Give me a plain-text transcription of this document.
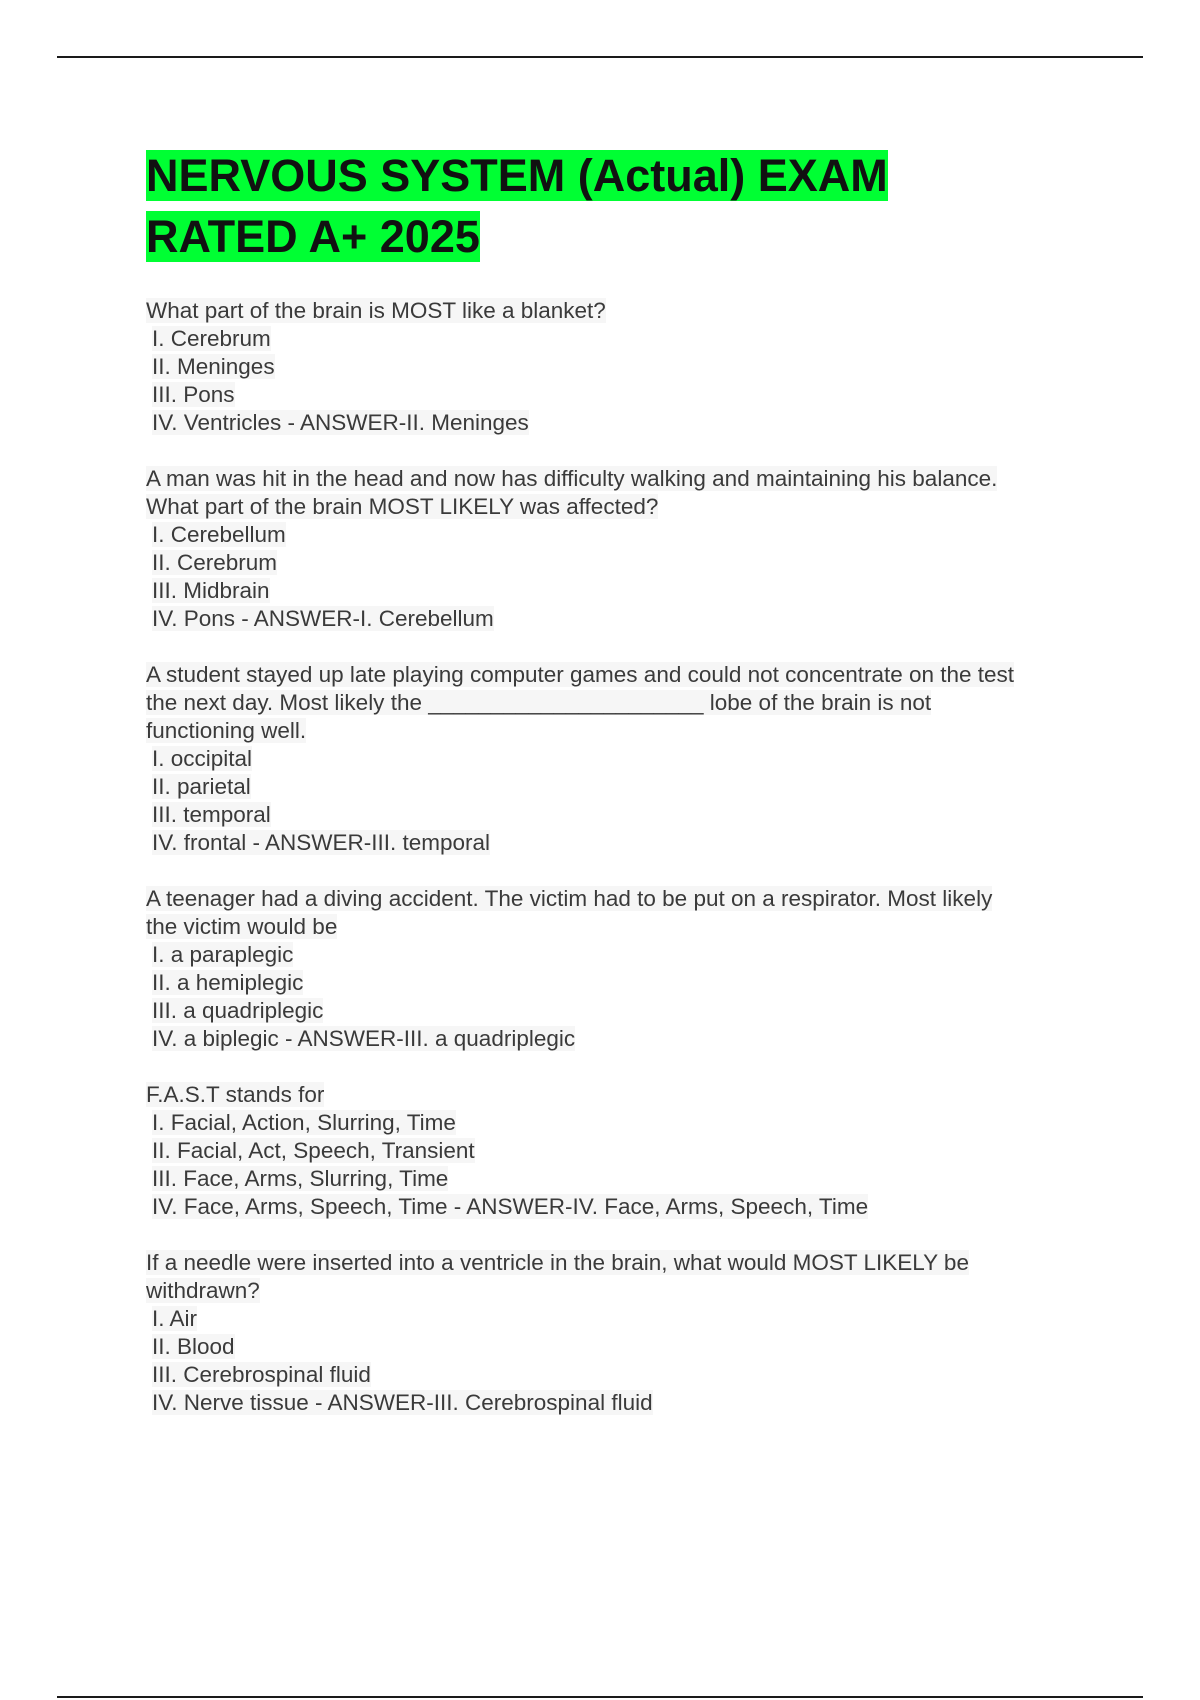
NERVOUS SYSTEM (Actual) EXAM
RATED A+ 2025
What part of the brain is MOST like a blanket?
I. Cerebrum
II. Meninges
III. Pons
IV. Ventricles - ANSWER-II. Meninges
A man was hit in the head and now has difficulty walking and maintaining his balance.
What part of the brain MOST LIKELY was affected?
I. Cerebellum
II. Cerebrum
III. Midbrain
IV. Pons - ANSWER-I. Cerebellum
A student stayed up late playing computer games and could not concentrate on the test
the next day. Most likely the ______________________ lobe of the brain is not
functioning well.
I. occipital
II. parietal
III. temporal
IV. frontal - ANSWER-III. temporal
A teenager had a diving accident. The victim had to be put on a respirator. Most likely
the victim would be
I. a paraplegic
II. a hemiplegic
III. a quadriplegic
IV. a biplegic - ANSWER-III. a quadriplegic
F.A.S.T stands for
I. Facial, Action, Slurring, Time
II. Facial, Act, Speech, Transient
III. Face, Arms, Slurring, Time
IV. Face, Arms, Speech, Time - ANSWER-IV. Face, Arms, Speech, Time
If a needle were inserted into a ventricle in the brain, what would MOST LIKELY be
withdrawn?
I. Air
II. Blood
III. Cerebrospinal fluid
IV. Nerve tissue - ANSWER-III. Cerebrospinal fluid
